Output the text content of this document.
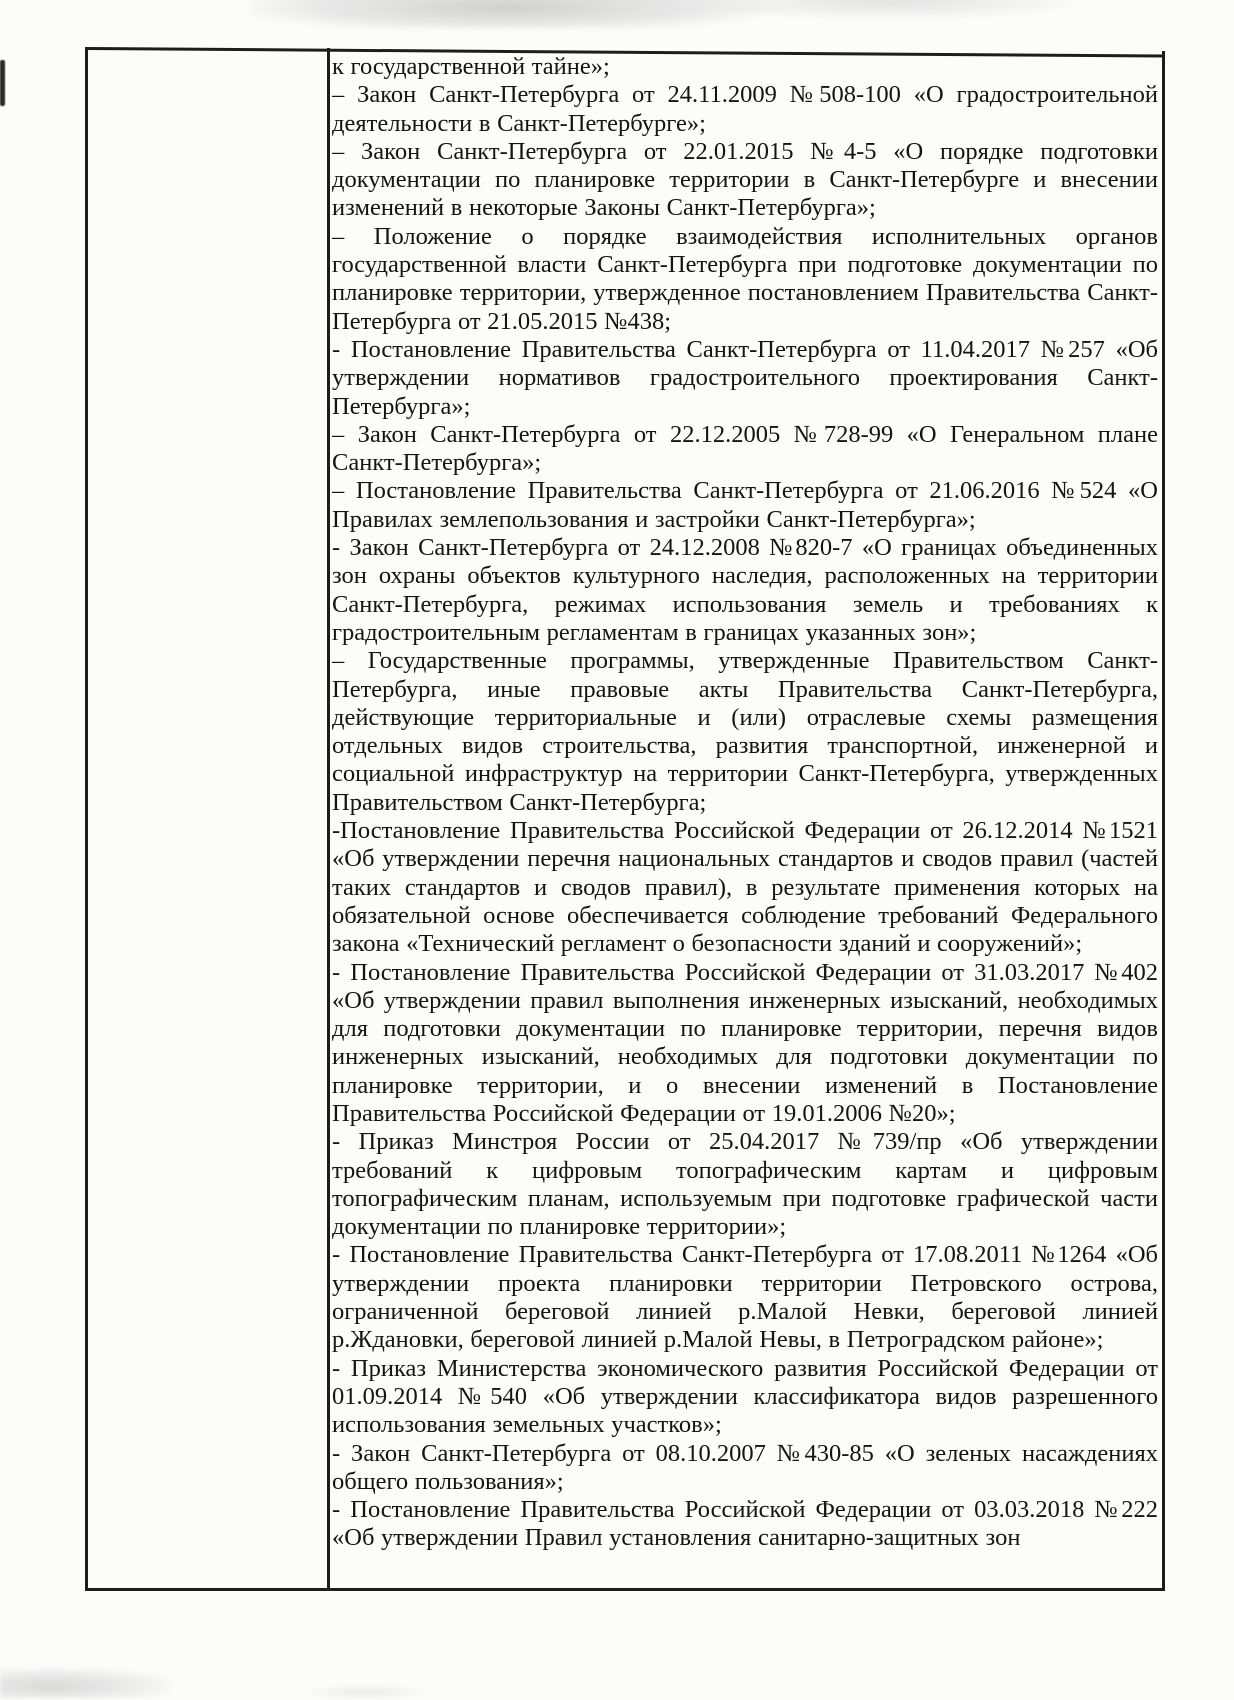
к государственной тайне»;

– Закон Санкт-Петербурга от 24.11.2009 №508-100 «О градостроительной деятельности в Санкт-Петербурге»;

– Закон Санкт-Петербурга от 22.01.2015 №4-5 «О порядке подготовки документации по планировке территории в Санкт-Петербурге и внесении изменений в некоторые Законы Санкт-Петербурга»;

– Положение о порядке взаимодействия исполнительных органов государственной власти Санкт-Петербурга при подготовке документации по планировке территории, утвержденное постановлением Правительства Санкт-Петербурга от 21.05.2015 №438;

- Постановление Правительства Санкт-Петербурга от 11.04.2017 №257 «Об утверждении нормативов градостроительного проектирования Санкт-Петербурга»;

– Закон Санкт-Петербурга от 22.12.2005 №728-99 «О Генеральном плане Санкт-Петербурга»;

– Постановление Правительства Санкт-Петербурга от 21.06.2016 №524 «О Правилах землепользования и застройки Санкт-Петербурга»;

- Закон Санкт-Петербурга от 24.12.2008 №820-7 «О границах объединенных зон охраны объектов культурного наследия, расположенных на территории Санкт-Петербурга, режимах использования земель и требованиях к градостроительным регламентам в границах указанных зон»;

– Государственные программы, утвержденные Правительством Санкт-Петербурга, иные правовые акты Правительства Санкт-Петербурга, действующие территориальные и (или) отраслевые схемы размещения отдельных видов строительства, развития транспортной, инженерной и социальной инфраструктур на территории Санкт-Петербурга, утвержденных Правительством Санкт-Петербурга;

-Постановление Правительства Российской Федерации от 26.12.2014 №1521 «Об утверждении перечня национальных стандартов и сводов правил (частей таких стандартов и сводов правил), в результате применения которых на обязательной основе обеспечивается соблюдение требований Федерального закона «Технический регламент о безопасности зданий и сооружений»;

- Постановление Правительства Российской Федерации от 31.03.2017 №402 «Об утверждении правил выполнения инженерных изысканий, необходимых для подготовки документации по планировке территории, перечня видов инженерных изысканий, необходимых для подготовки документации по планировке территории, и о внесении изменений в Постановление Правительства Российской Федерации от 19.01.2006 №20»;

- Приказ Минстроя России от 25.04.2017 №739/пр «Об утверждении требований к цифровым топографическим картам и цифровым топографическим планам, используемым при подготовке графической части документации по планировке территории»;

- Постановление Правительства Санкт-Петербурга от 17.08.2011 №1264 «Об утверждении проекта планировки территории Петровского острова, ограниченной береговой линией р.Малой Невки, береговой линией р.Ждановки, береговой линией р.Малой Невы, в Петроградском районе»;

- Приказ Министерства экономического развития Российской Федерации от 01.09.2014 №540 «Об утверждении классификатора видов разрешенного использования земельных участков»;

- Закон Санкт-Петербурга от 08.10.2007 №430-85 «О зеленых насаждениях общего пользования»;

- Постановление Правительства Российской Федерации от 03.03.2018 №222 «Об утверждении Правил установления санитарно-защитных зон
